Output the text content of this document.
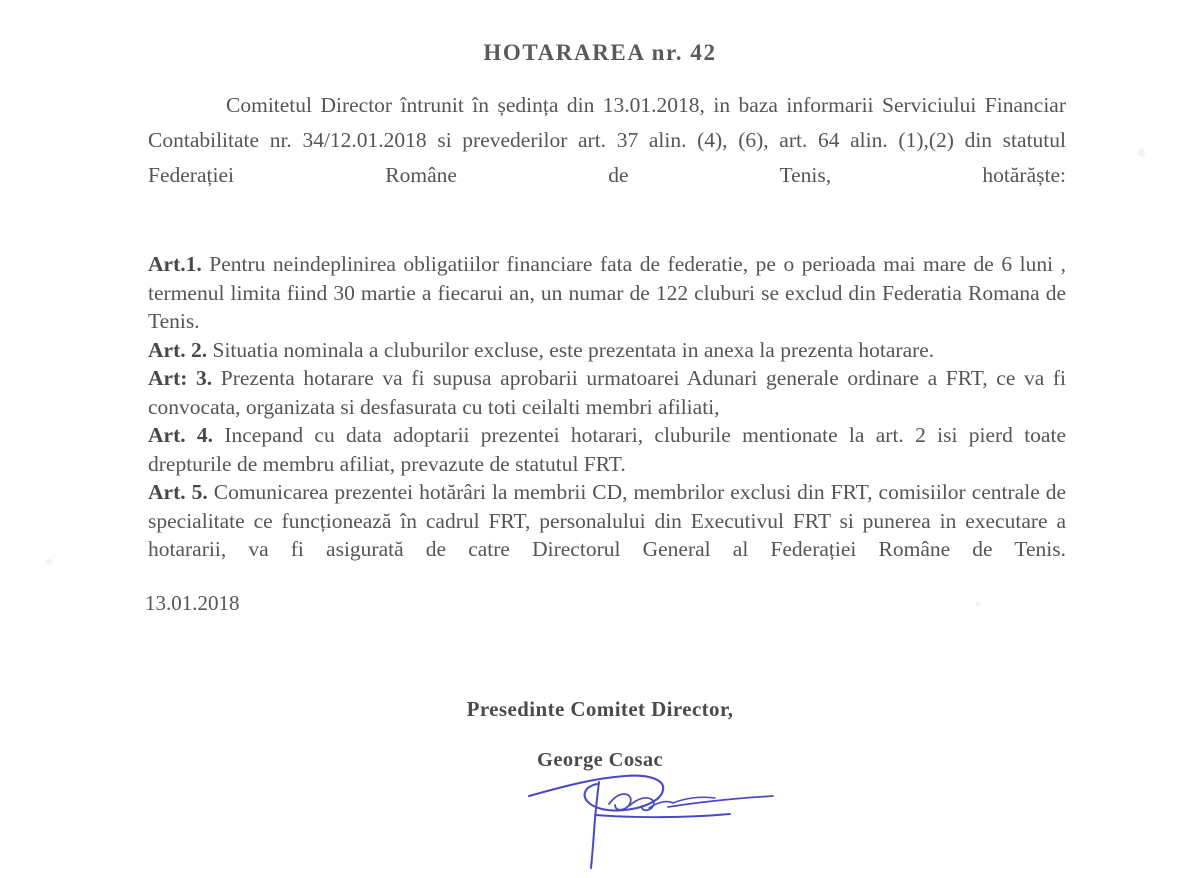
HOTARAREA nr. 42

Comitetul Director întrunit în ședința din 13.01.2018, in baza informarii Serviciului Financiar Contabilitate nr. 34/12.01.2018 si prevederilor art. 37 alin. (4), (6), art. 64 alin. (1),(2) din statutul Federației Române de Tenis, hotărăște:

Art.1. Pentru neindeplinirea obligatiilor financiare fata de federatie, pe o perioada mai mare de 6 luni , termenul limita fiind 30 martie a fiecarui an, un numar de 122 cluburi se exclud din Federatia Romana de Tenis.

Art. 2. Situatia nominala a cluburilor excluse, este prezentata in anexa la prezenta hotarare.

Art: 3. Prezenta hotarare va fi supusa aprobarii urmatoarei Adunari generale ordinare a FRT, ce va fi convocata, organizata si desfasurata cu toti ceilalti membri afiliati,

Art. 4. Incepand cu data adoptarii prezentei hotarari, cluburile mentionate la art. 2 isi pierd toate drepturile de membru afiliat, prevazute de statutul FRT.

Art. 5. Comunicarea prezentei hotărâri la membrii CD, membrilor exclusi din FRT, comisiilor centrale de specialitate ce funcționează în cadrul FRT, personalului din Executivul FRT si punerea in executare a hotararii, va fi asigurată de catre Directorul General al Federației Române de Tenis.

13.01.2018
Presedinte Comitet Director,
George Cosac
